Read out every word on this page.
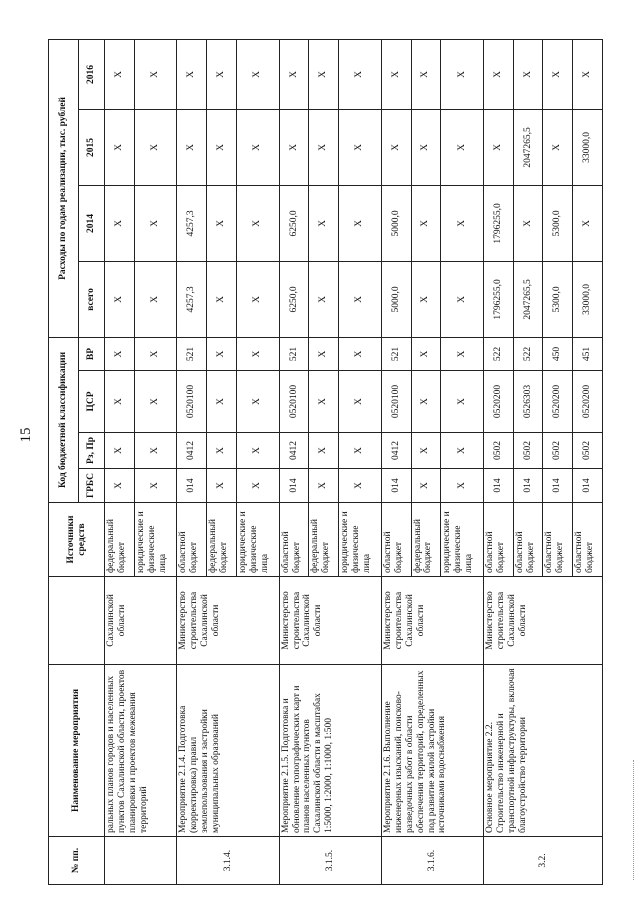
15
№ пп.	Наименование мероприятия		Источники средств	Код бюджетной классификации				Расходы по годам реализации, тыс. рублей			
				ГРБС	Рз, Пр	ЦСР	ВР	всего	2014	2015	2016
	ральных планов городов и населенных пунктов Сахалинской области, проектов планировки и проектов межевания территорий	Сахалинской области	федеральный бюджет	X	X	X	X	X	X	X	X
			юридические и физические лица	X	X	X	X	X	X	X	X
3.1.4.	Мероприятие 2.1.4. Подготовка (корректировка) правил землепользования и застройки муниципальных образований	Министерство строительства Сахалинской области	областной бюджет	014	0412	0520100	521	4257,3	4257,3	X	X
			федеральный бюджет	X	X	X	X	X	X	X	X
			юридические и физические лица	X	X	X	X	X	X	X	X
3.1.5.	Мероприятие 2.1.5. Подготовка и обновление топографических карт и планов населенных пунктов Сахалинской области в масштабах 1:5000, 1:2000, 1:1000, 1:500	Министерство строительства Сахалинской области	областной бюджет	014	0412	0520100	521	6250,0	6250,0	X	X
			федеральный бюджет	X	X	X	X	X	X	X	X
			юридические и физические лица	X	X	X	X	X	X	X	X
3.1.6.	Мероприятие 2.1.6. Выполнение инженерных изысканий, поисково-разведочных работ в области обеспечения территорий, определенных под развитие жилой застройки источниками водоснабжения	Министерство строительства Сахалинской области	областной бюджет	014	0412	0520100	521	5000,0	5000,0	X	X
			федеральный бюджет	X	X	X	X	X	X	X	X
			юридические и физические лица	X	X	X	X	X	X	X	X
3.2.	Основное мероприятие 2.2. Строительство инженерной и транспортной инфраструктуры, включая благоустройство территории	Министерство строительства Сахалинской области	областной бюджет	014	0502	0520200	522	1796255,0	1796255,0	X	X
			областной бюджет	014	0502	0526303	522	2047265,5	X	2047265,5	X
			областной бюджет	014	0502	0520200	450	5300,0	5300,0	X	X
			областной бюджет	014	0502	0520200	451	33000,0	X	33000,0	X
